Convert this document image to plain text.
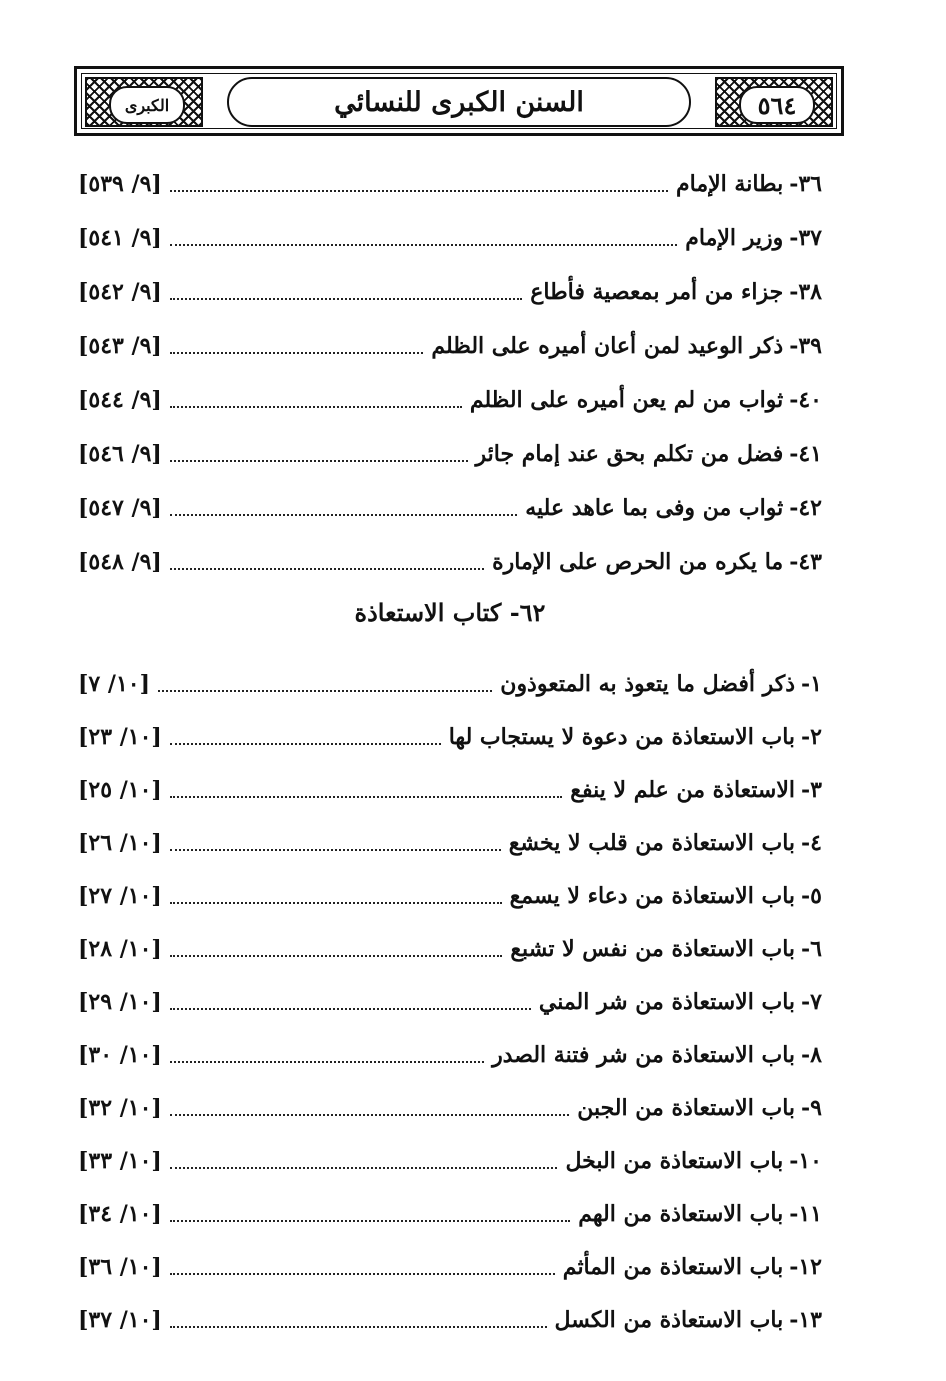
الكبرى	السنن الكبرى للنسائي	٥٦٤
٣٦-
بطانة الإمام
[٩/ ٥٣٩]
٣٧-
وزير الإمام
[٩/ ٥٤١]
٣٨-
جزاء من أمر بمعصية فأطاع
[٩/ ٥٤٢]
٣٩-
ذكر الوعيد لمن أعان أميره على الظلم
[٩/ ٥٤٣]
٤٠-
ثواب من لم يعن أميره على الظلم
[٩/ ٥٤٤]
٤١-
فضل من تكلم بحق عند إمام جائر
[٩/ ٥٤٦]
٤٢-
ثواب من وفى بما عاهد عليه
[٩/ ٥٤٧]
٤٣-
ما يكره من الحرص على الإمارة
[٩/ ٥٤٨]
٦٢- كتاب الاستعاذة
١-
ذكر أفضل ما يتعوذ به المتعوذون
[١٠/ ٧]
٢-
باب الاستعاذة من دعوة لا يستجاب لها
[١٠/ ٢٣]
٣-
الاستعاذة من علم لا ينفع
[١٠/ ٢٥]
٤-
باب الاستعاذة من قلب لا يخشع
[١٠/ ٢٦]
٥-
باب الاستعاذة من دعاء لا يسمع
[١٠/ ٢٧]
٦-
باب الاستعاذة من نفس لا تشبع
[١٠/ ٢٨]
٧-
باب الاستعاذة من شر المني
[١٠/ ٢٩]
٨-
باب الاستعاذة من شر فتنة الصدر
[١٠/ ٣٠]
٩-
باب الاستعاذة من الجبن
[١٠/ ٣٢]
١٠-
باب الاستعاذة من البخل
[١٠/ ٣٣]
١١-
باب الاستعاذة من الهم
[١٠/ ٣٤]
١٢-
باب الاستعاذة من المأثم
[١٠/ ٣٦]
١٣-
باب الاستعاذة من الكسل
[١٠/ ٣٧]
